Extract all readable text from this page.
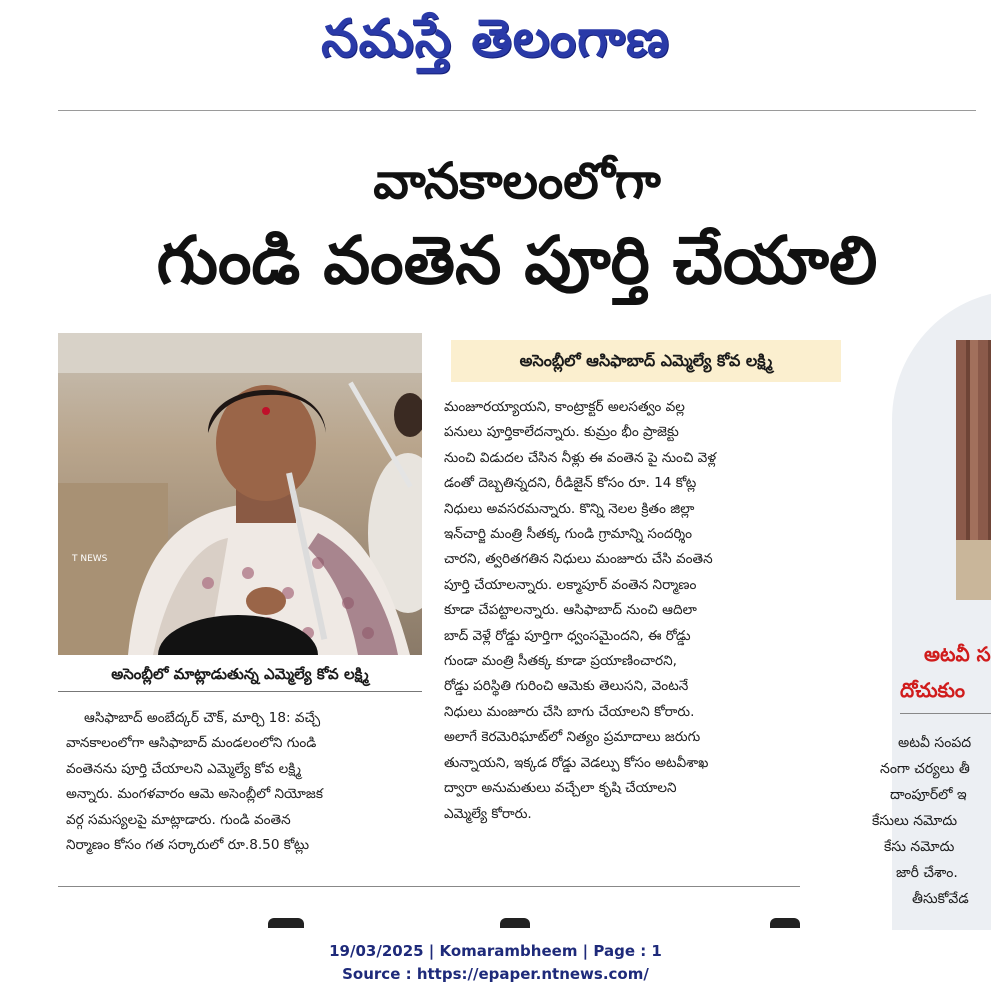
నమస్తే తెలంగాణ
వానకాలంలోగా
గుండి వంతెన పూర్తి చేయాలి
T NEWS
అసెంబ్లీలో మాట్లాడుతున్న ఎమ్మెల్యే కోవ లక్ష్మి
అసెంబ్లీలో ఆసిఫాబాద్ ఎమ్మెల్యే కోవ లక్ష్మి
ఆసిఫాబాద్ అంబేద్కర్ చౌక్, మార్చి 18: వచ్చే
వానకాలంలోగా ఆసిఫాబాద్ మండలంలోని గుండి
వంతెనను పూర్తి చేయాలని ఎమ్మెల్యే కోవ లక్ష్మి
అన్నారు. మంగళవారం ఆమె అసెంబ్లీలో నియోజక
వర్గ సమస్యలపై మాట్లాడారు. గుండి వంతెన
నిర్మాణం కోసం గత సర్కారులో రూ.8.50 కోట్లు
మంజూరయ్యాయని, కాంట్రాక్టర్ అలసత్వం వల్ల
పనులు పూర్తికాలేదన్నారు. కుమ్రం భీం ప్రాజెక్టు
నుంచి విడుదల చేసిన నీళ్లు ఈ వంతెన పై నుంచి వెళ్ల
డంతో దెబ్బతిన్నదని, రీడిజైన్ కోసం రూ. 14 కోట్ల
నిధులు అవసరమన్నారు. కొన్ని నెలల క్రితం జిల్లా
ఇన్‌చార్జి మంత్రి సీతక్క గుండి గ్రామాన్ని సందర్శిం
చారని, త్వరితగతిన నిధులు మంజూరు చేసి వంతెన
పూర్తి చేయాలన్నారు. లక్మాపూర్ వంతెన నిర్మాణం
కూడా చేపట్టాలన్నారు. ఆసిఫాబాద్ నుంచి ఆదిలా
బాద్ వెళ్లే రోడ్డు పూర్తిగా ధ్వంసమైందని, ఈ రోడ్డు
గుండా మంత్రి సీతక్క కూడా ప్రయాణించారని,
రోడ్డు పరిస్థితి గురించి ఆమెకు తెలుసని, వెంటనే
నిధులు మంజూరు చేసి బాగు చేయాలని కోరారు.
అలాగే కెరమెరిఘాట్‌లో నిత్యం ప్రమాదాలు జరుగు
తున్నాయని, ఇక్కడ రోడ్డు వెడల్పు కోసం అటవీశాఖ
ద్వారా అనుమతులు వచ్చేలా కృషి చేయాలని
ఎమ్మెల్యే కోరారు.
అటవీ స
దోచుకుం
అటవీ సంపద
నంగా చర్యలు తీ
దాంపూర్‌లో ఇ
కేసులు నమోదు
కేసు నమోదు
జారీ చేశాం.
తీసుకోవేడ
19/03/2025 | Komarambheem | Page : 1
Source : https://epaper.ntnews.com/
